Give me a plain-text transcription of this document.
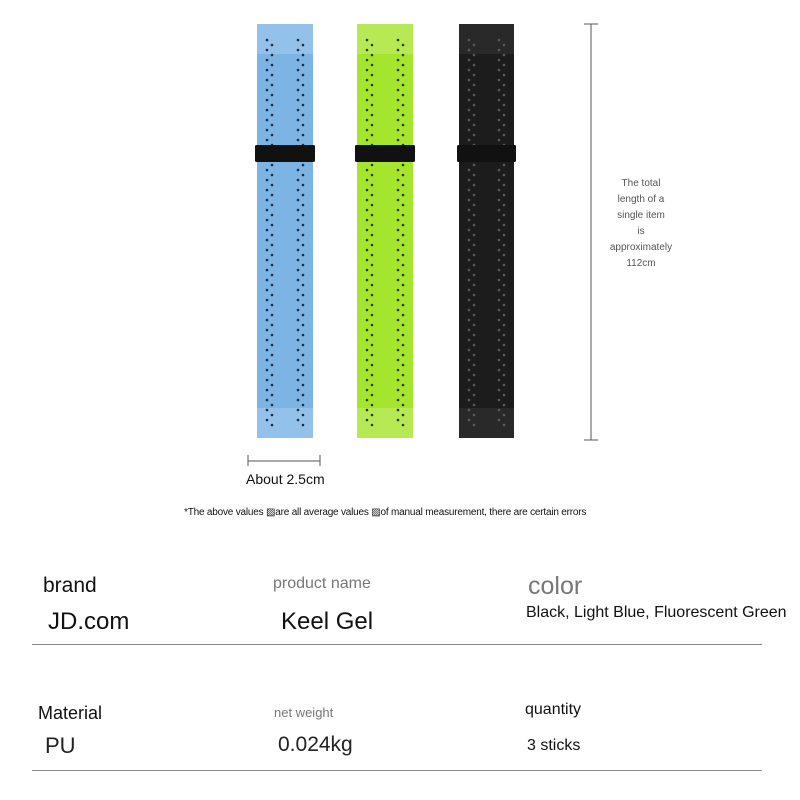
The total
length of a
single item
is
approximately
112cm
About 2.5cm
*The above values ▨are all average values ▨of manual measurement, there are certain errors
brand
JD.com
product name
Keel Gel
color
Black, Light Blue, Fluorescent Green
Material
PU
net weight
0.024kg
quantity
3 sticks
